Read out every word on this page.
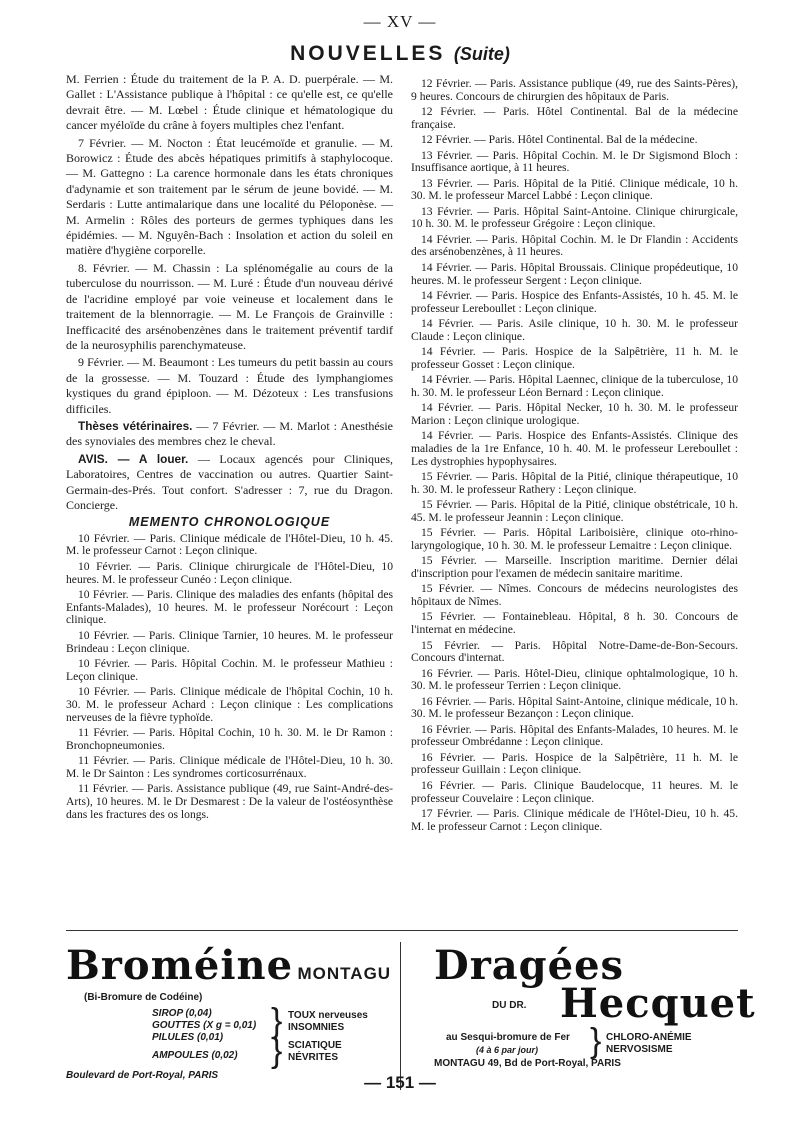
— XV —
NOUVELLES (Suite)

M. Ferrien : Étude du traitement de la P. A. D. puerpérale. — M. Gallet : L'Assistance publique à l'hôpital : ce qu'elle est, ce qu'elle devrait être. — M. Lœbel : Étude clinique et hématologique du cancer myéloïde du crâne à foyers multiples chez l'enfant.

7 Février. — M. Nocton : État leucémoïde et granulie. — M. Borowicz : Étude des abcès hépatiques primitifs à staphylocoque. — M. Gattegno : La carence hormonale dans les états chroniques d'adynamie et son traitement par le sérum de jeune bovidé. — M. Serdaris : Lutte antimalarique dans une localité du Péloponèse. — M. Armelin : Rôles des porteurs de germes typhiques dans les épidémies. — M. Nguyên-Bach : Insolation et action du soleil en matière d'hygiène corporelle.

8. Février. — M. Chassin : La splénomégalie au cours de la tuberculose du nourrisson. — M. Luré : Étude d'un nouveau dérivé de l'acridine employé par voie veineuse et localement dans le traitement de la blennorragie. — M. Le François de Grainville : Inefficacité des arsénobenzènes dans le traitement préventif tardif de la neurosyphilis parenchymateuse.

9 Février. — M. Beaumont : Les tumeurs du petit bassin au cours de la grossesse. — M. Touzard : Étude des lymphangiomes kystiques du grand épiploon. — M. Dézoteux : Les transfusions difficiles.

Thèses vétérinaires. — 7 Février. — M. Marlot : Anesthésie des synoviales des membres chez le cheval.

AVIS. — A louer. — Locaux agencés pour Cliniques, Laboratoires, Centres de vaccination ou autres. Quartier Saint-Germain-des-Prés. Tout confort. S'adresser : 7, rue du Dragon. Concierge.

MEMENTO CHRONOLOGIQUE

10 Février. — Paris. Clinique médicale de l'Hôtel-Dieu, 10 h. 45. M. le professeur Carnot : Leçon clinique.

10 Février. — Paris. Clinique chirurgicale de l'Hôtel-Dieu, 10 heures. M. le professeur Cunéo : Leçon clinique.

10 Février. — Paris. Clinique des maladies des enfants (hôpital des Enfants-Malades), 10 heures. M. le professeur Norécourt : Leçon clinique.

10 Février. — Paris. Clinique Tarnier, 10 heures. M. le professeur Brindeau : Leçon clinique.

10 Février. — Paris. Hôpital Cochin. M. le professeur Mathieu : Leçon clinique.

10 Février. — Paris. Clinique médicale de l'hôpital Cochin, 10 h. 30. M. le professeur Achard : Leçon clinique : Les complications nerveuses de la fièvre typhoïde.

11 Février. — Paris. Hôpital Cochin, 10 h. 30. M. le Dr Ramon : Bronchopneumonies.

11 Février. — Paris. Clinique médicale de l'Hôtel-Dieu, 10 h. 30. M. le Dr Sainton : Les syndromes corticosurrénaux.

11 Février. — Paris. Assistance publique (49, rue Saint-André-des-Arts), 10 heures. M. le Dr Desmarest : De la valeur de l'ostéosynthèse dans les fractures des os longs.

12 Février. — Paris. Assistance publique (49, rue des Saints-Pères), 9 heures. Concours de chirurgien des hôpitaux de Paris.

12 Février. — Paris. Hôtel Continental. Bal de la médecine française.

12 Février. — Paris. Hôtel Continental. Bal de la médecine.

13 Février. — Paris. Hôpital Cochin. M. le Dr Sigismond Bloch : Insuffisance aortique, à 11 heures.

13 Février. — Paris. Hôpital de la Pitié. Clinique médicale, 10 h. 30. M. le professeur Marcel Labbé : Leçon clinique.

13 Février. — Paris. Hôpital Saint-Antoine. Clinique chirurgicale, 10 h. 30. M. le professeur Grégoire : Leçon clinique.

14 Février. — Paris. Hôpital Cochin. M. le Dr Flandin : Accidents des arsénobenzènes, à 11 heures.

14 Février. — Paris. Hôpital Broussais. Clinique propédeutique, 10 heures. M. le professeur Sergent : Leçon clinique.

14 Février. — Paris. Hospice des Enfants-Assistés, 10 h. 45. M. le professeur Lereboullet : Leçon clinique.

14 Février. — Paris. Asile clinique, 10 h. 30. M. le professeur Claude : Leçon clinique.

14 Février. — Paris. Hospice de la Salpêtrière, 11 h. M. le professeur Gosset : Leçon clinique.

14 Février. — Paris. Hôpital Laennec, clinique de la tuberculose, 10 h. 30. M. le professeur Léon Bernard : Leçon clinique.

14 Février. — Paris. Hôpital Necker, 10 h. 30. M. le professeur Marion : Leçon clinique urologique.

14 Février. — Paris. Hospice des Enfants-Assistés. Clinique des maladies de la 1re Enfance, 10 h. 40. M. le professeur Lereboullet : Les dystrophies hypophysaires.

15 Février. — Paris. Hôpital de la Pitié, clinique thérapeutique, 10 h. 30. M. le professeur Rathery : Leçon clinique.

15 Février. — Paris. Hôpital de la Pitié, clinique obstétricale, 10 h. 45. M. le professeur Jeannin : Leçon clinique.

15 Février. — Paris. Hôpital Lariboisière, clinique oto-rhino-laryngologique, 10 h. 30. M. le professeur Lemaitre : Leçon clinique.

15 Février. — Marseille. Inscription maritime. Dernier délai d'inscription pour l'examen de médecin sanitaire maritime.

15 Février. — Nîmes. Concours de médecins neurologistes des hôpitaux de Nîmes.

15 Février. — Fontainebleau. Hôpital, 8 h. 30. Concours de l'internat en médecine.

15 Février. — Paris. Hôpital Notre-Dame-de-Bon-Secours. Concours d'internat.

16 Février. — Paris. Hôtel-Dieu, clinique ophtalmologique, 10 h. 30. M. le professeur Terrien : Leçon clinique.

16 Février. — Paris. Hôpital Saint-Antoine, clinique médicale, 10 h. 30. M. le professeur Bezançon : Leçon clinique.

16 Février. — Paris. Hôpital des Enfants-Malades, 10 heures. M. le professeur Ombrédanne : Leçon clinique.

16 Février. — Paris. Hospice de la Salpêtrière, 11 h. M. le professeur Guillain : Leçon clinique.

16 Février. — Paris. Clinique Baudelocque, 11 heures. M. le professeur Couvelaire : Leçon clinique.

17 Février. — Paris. Clinique médicale de l'Hôtel-Dieu, 10 h. 45. M. le professeur Carnot : Leçon clinique.

Broméine MONTAGU
(Bi-Bromure de Codéine)
SIROP (0,04)
GOUTTES (X g = 0,01)
PILULES (0,01)
AMPOULES (0,02)
} TOUX nerveuses
INSOMNIES
} SCIATIQUE
NÉVRITES
Boulevard de Port-Royal, PARIS
Dragées
DU DR. Hecquet
au Sesqui-bromure de Fer
(4 à 6 par jour)	} CHLORO-ANÉMIE
NERVOSISME
MONTAGU 49, Bd de Port-Royal, PARIS
— 151 —
